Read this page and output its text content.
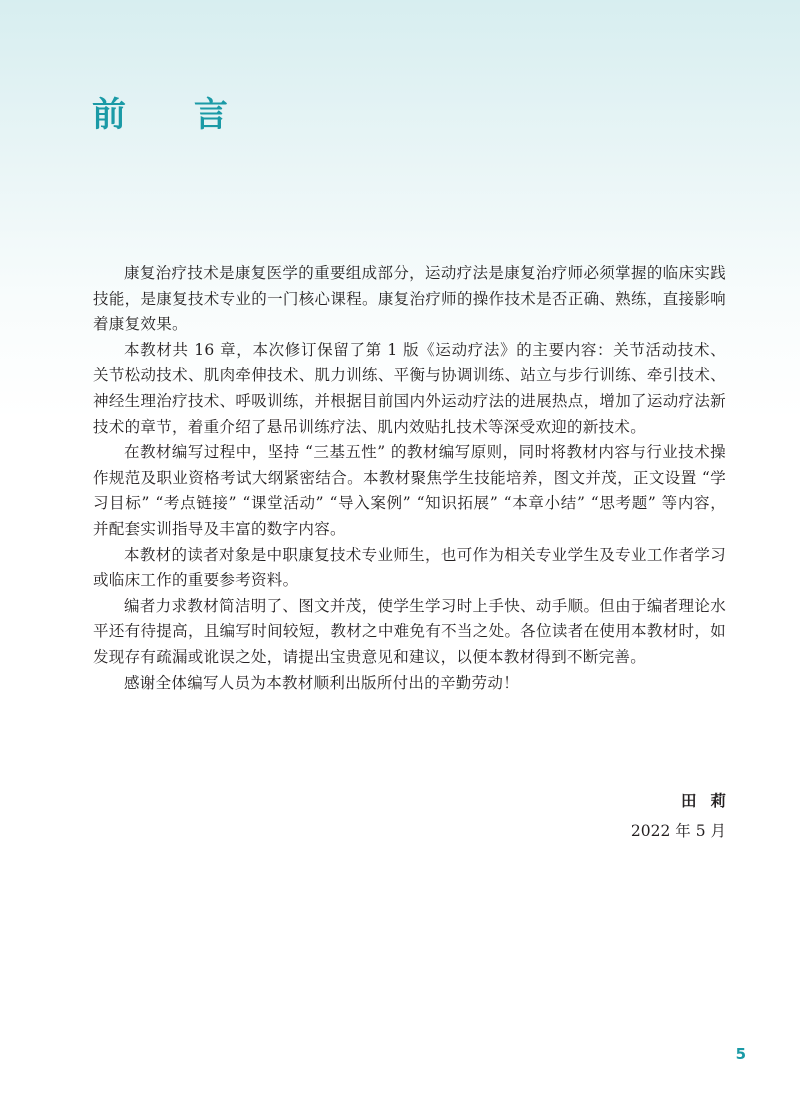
前 言

康复治疗技术是康复医学的重要组成部分，运动疗法是康复治疗师必须掌握的临床实践技能，是康复技术专业的一门核心课程。康复治疗师的操作技术是否正确、熟练，直接影响着康复效果。

本教材共 16 章，本次修订保留了第 1 版《运动疗法》的主要内容：关节活动技术、关节松动技术、肌肉牵伸技术、肌力训练、平衡与协调训练、站立与步行训练、牵引技术、神经生理治疗技术、呼吸训练，并根据目前国内外运动疗法的进展热点，增加了运动疗法新技术的章节，着重介绍了悬吊训练疗法、肌内效贴扎技术等深受欢迎的新技术。

在教材编写过程中，坚持 “三基五性” 的教材编写原则，同时将教材内容与行业技术操作规范及职业资格考试大纲紧密结合。本教材聚焦学生技能培养，图文并茂，正文设置 “学习目标” “考点链接” “课堂活动” “导入案例” “知识拓展” “本章小结” “思考题” 等内容，并配套实训指导及丰富的数字内容。

本教材的读者对象是中职康复技术专业师生，也可作为相关专业学生及专业工作者学习或临床工作的重要参考资料。

编者力求教材简洁明了、图文并茂，使学生学习时上手快、动手顺。但由于编者理论水平还有待提高，且编写时间较短，教材之中难免有不当之处。各位读者在使用本教材时，如发现存有疏漏或讹误之处，请提出宝贵意见和建议，以便本教材得到不断完善。

感谢全体编写人员为本教材顺利出版所付出的辛勤劳动！

田莉
2022 年 5 月
5
